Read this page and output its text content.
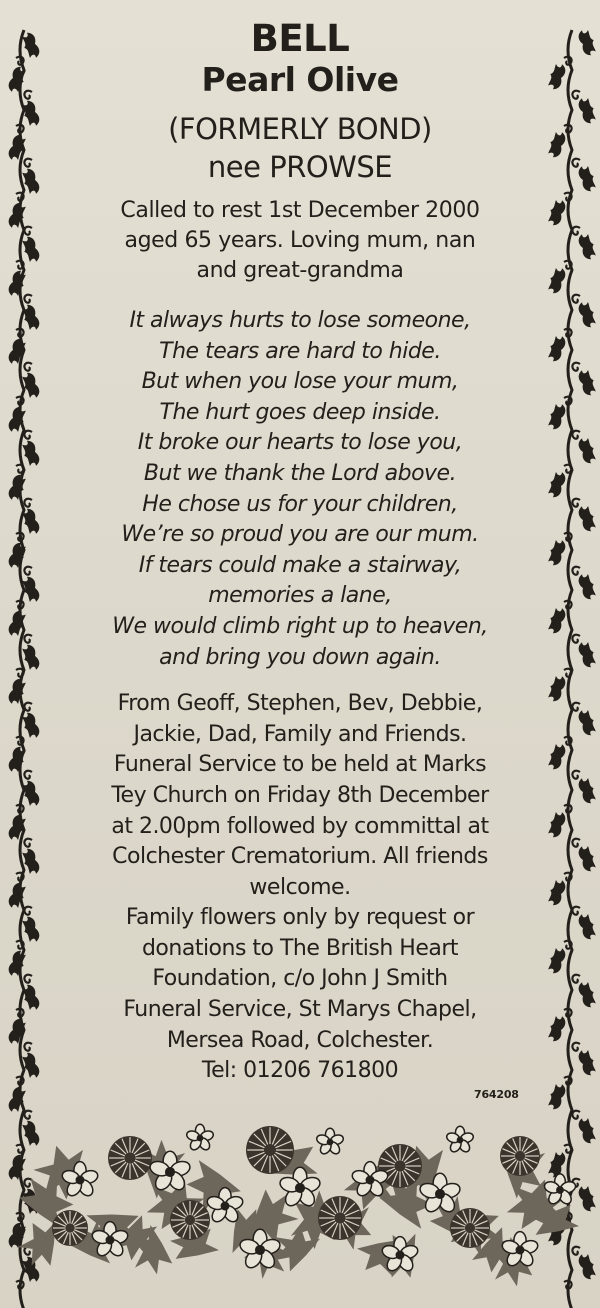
BELL
Pearl Olive
(FORMERLY BOND)
nee PROWSE
Called to rest 1st December 2000
aged 65 years. Loving mum, nan
and great-grandma
It always hurts to lose someone,
The tears are hard to hide.
But when you lose your mum,
The hurt goes deep inside.
It broke our hearts to lose you,
But we thank the Lord above.
He chose us for your children,
We’re so proud you are our mum.
If tears could make a stairway,
memories a lane,
We would climb right up to heaven,
and bring you down again.
From Geoff, Stephen, Bev, Debbie,
Jackie, Dad, Family and Friends.
Funeral Service to be held at Marks
Tey Church on Friday 8th December
at 2.00pm followed by committal at
Colchester Crematorium. All friends
welcome.
Family flowers only by request or
donations to The British Heart
Foundation, c/o John J Smith
Funeral Service, St Marys Chapel,
Mersea Road, Colchester.
Tel: 01206 761800
764208
